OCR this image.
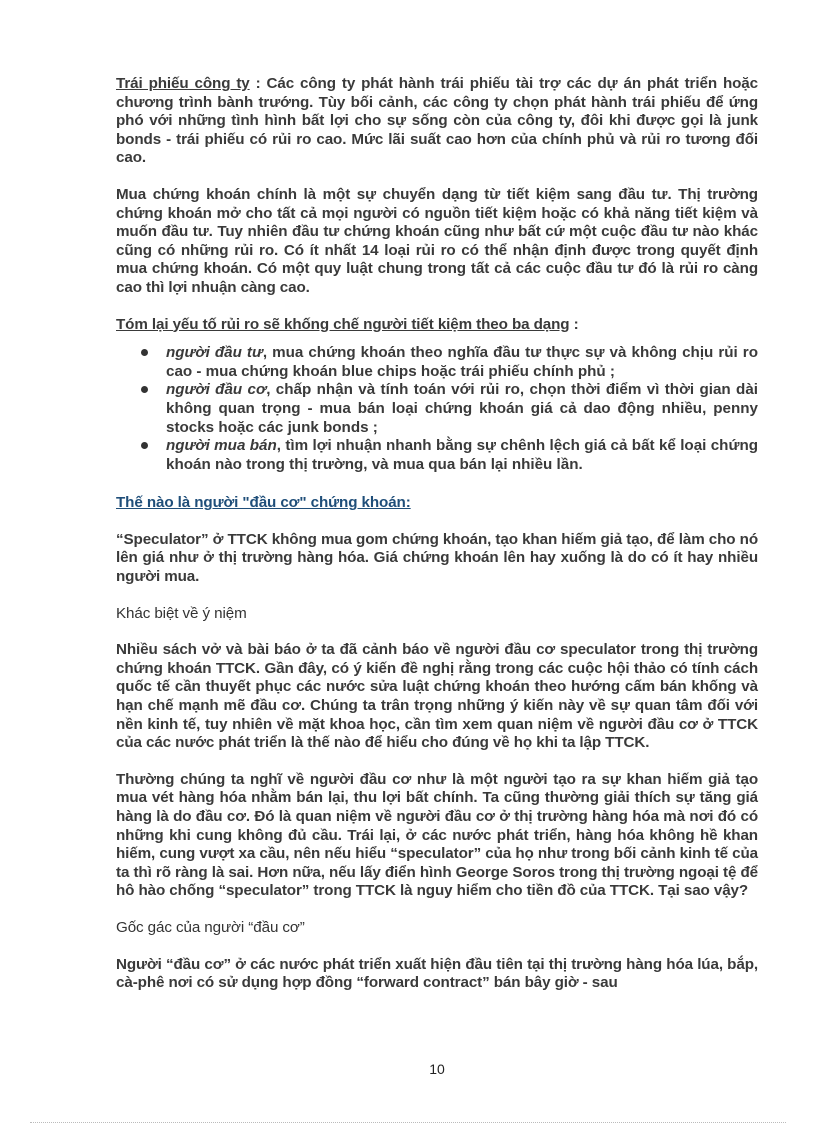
Trái phiếu công ty : Các công ty phát hành trái phiếu tài trợ các dự án phát triển hoặc chương trình bành trướng. Tùy bối cảnh, các công ty chọn phát hành trái phiếu để ứng phó với những tình hình bất lợi cho sự sống còn của công ty, đôi khi được gọi là junk bonds - trái phiếu có rủi ro cao. Mức lãi suất cao hơn của chính phủ và rủi ro tương đối cao.

Mua chứng khoán chính là một sự chuyển dạng từ tiết kiệm sang đầu tư. Thị trường chứng khoán mở cho tất cả mọi người có nguồn tiết kiệm hoặc có khả năng tiết kiệm và muốn đầu tư. Tuy nhiên đầu tư chứng khoán cũng như bất cứ một cuộc đầu tư nào khác cũng có những rủi ro. Có ít nhất 14 loại rủi ro có thể nhận định được trong quyết định mua chứng khoán. Có một quy luật chung trong tất cả các cuộc đầu tư đó là rủi ro càng cao thì lợi nhuận càng cao.

Tóm lại yếu tố rủi ro sẽ khống chế người tiết kiệm theo ba dạng :

người đầu tư, mua chứng khoán theo nghĩa đầu tư thực sự và không chịu rủi ro cao - mua chứng khoán blue chips hoặc trái phiếu chính phủ ;
người đầu cơ, chấp nhận và tính toán với rủi ro, chọn thời điểm vì thời gian dài không quan trọng - mua bán loại chứng khoán giá cả dao động nhiều, penny stocks hoặc các junk bonds ;
người mua bán, tìm lợi nhuận nhanh bằng sự chênh lệch giá cả bất kể loại chứng khoán nào trong thị trường, và mua qua bán lại nhiều lần.

Thế nào là người "đầu cơ" chứng khoán:

“Speculator” ở TTCK không mua gom chứng khoán, tạo khan hiếm giả tạo, để làm cho nó lên giá như ở thị trường hàng hóa. Giá chứng khoán lên hay xuống là do có ít hay nhiều người mua.

Khác biệt về ý niệm

Nhiều sách vở và bài báo ở ta đã cảnh báo về người đầu cơ speculator trong thị trường chứng khoán TTCK. Gần đây, có ý kiến đề nghị rằng trong các cuộc hội thảo có tính cách quốc tế cần thuyết phục các nước sửa luật chứng khoán theo hướng cấm bán khống và hạn chế mạnh mẽ đầu cơ. Chúng ta trân trọng những ý kiến này về sự quan tâm đối với nền kinh tế, tuy nhiên về mặt khoa học, cần tìm xem quan niệm về người đầu cơ ở TTCK của các nước phát triển là thế nào để hiểu cho đúng về họ khi ta lập TTCK.

Thường chúng ta nghĩ về người đầu cơ như là một người tạo ra sự khan hiếm giả tạo mua vét hàng hóa nhằm bán lại, thu lợi bất chính. Ta cũng thường giải thích sự tăng giá hàng là do đầu cơ. Đó là quan niệm về người đầu cơ ở thị trường hàng hóa mà nơi đó có những khi cung không đủ cầu. Trái lại, ở các nước phát triển, hàng hóa không hề khan hiếm, cung vượt xa cầu, nên nếu hiểu “speculator” của họ như trong bối cảnh kinh tế của ta thì rõ ràng là sai. Hơn nữa, nếu lấy điển hình George Soros trong thị trường ngoại tệ để hô hào chống “speculator” trong TTCK là nguy hiểm cho tiền đồ của TTCK. Tại sao vậy?

Gốc gác của người “đầu cơ”

Người “đầu cơ” ở các nước phát triển xuất hiện đầu tiên tại thị trường hàng hóa lúa, bắp, cà-phê nơi có sử dụng hợp đồng “forward contract” bán bây giờ - sau

10
